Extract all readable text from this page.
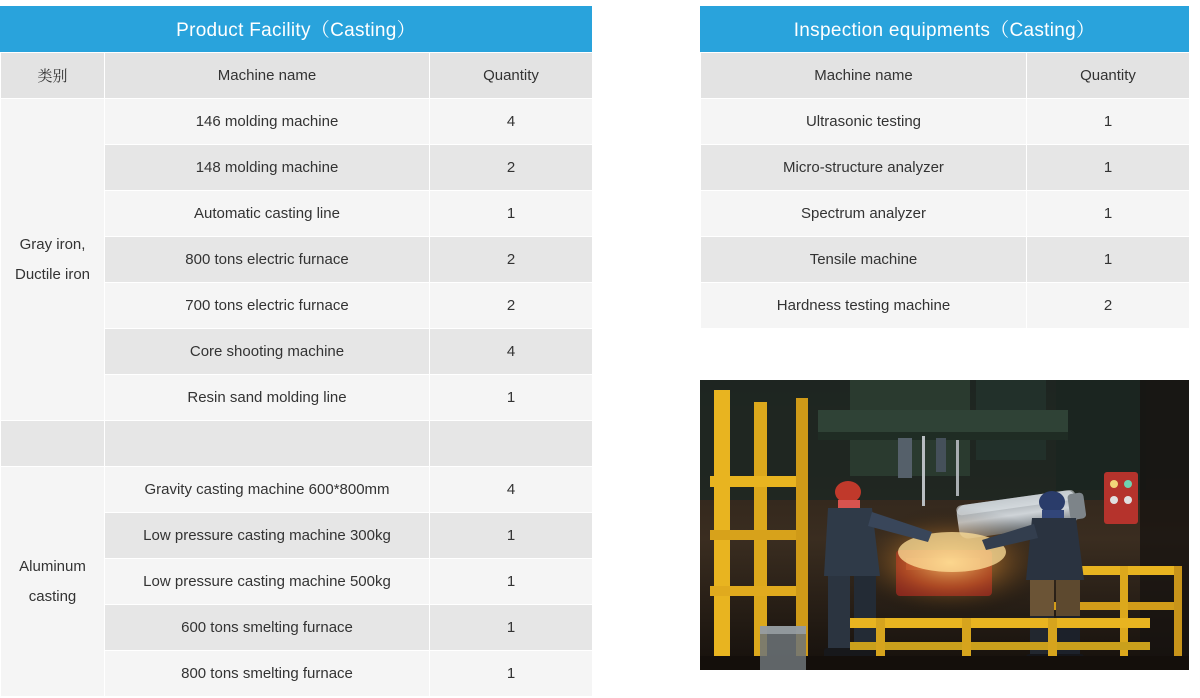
Product Facility（Casting）
类别	Machine name	Quantity

Gray iron,
Ductile iron	146 molding machine	4
	148 molding machine	2
	Automatic casting line	1
	800 tons electric furnace	2
	700 tons electric furnace	2
	Core shooting machine	4
	Resin sand molding line	1

Aluminum
casting	Gravity casting machine 600*800mm	4
	Low pressure casting machine 300kg	1
	Low pressure casting machine 500kg	1
	600 tons smelting furnace	1
	800 tons smelting furnace	1
Inspection equipments（Casting）
Machine name	Quantity
Ultrasonic testing	1
Micro-structure analyzer	1
Spectrum analyzer	1
Tensile machine	1
Hardness testing machine	2
